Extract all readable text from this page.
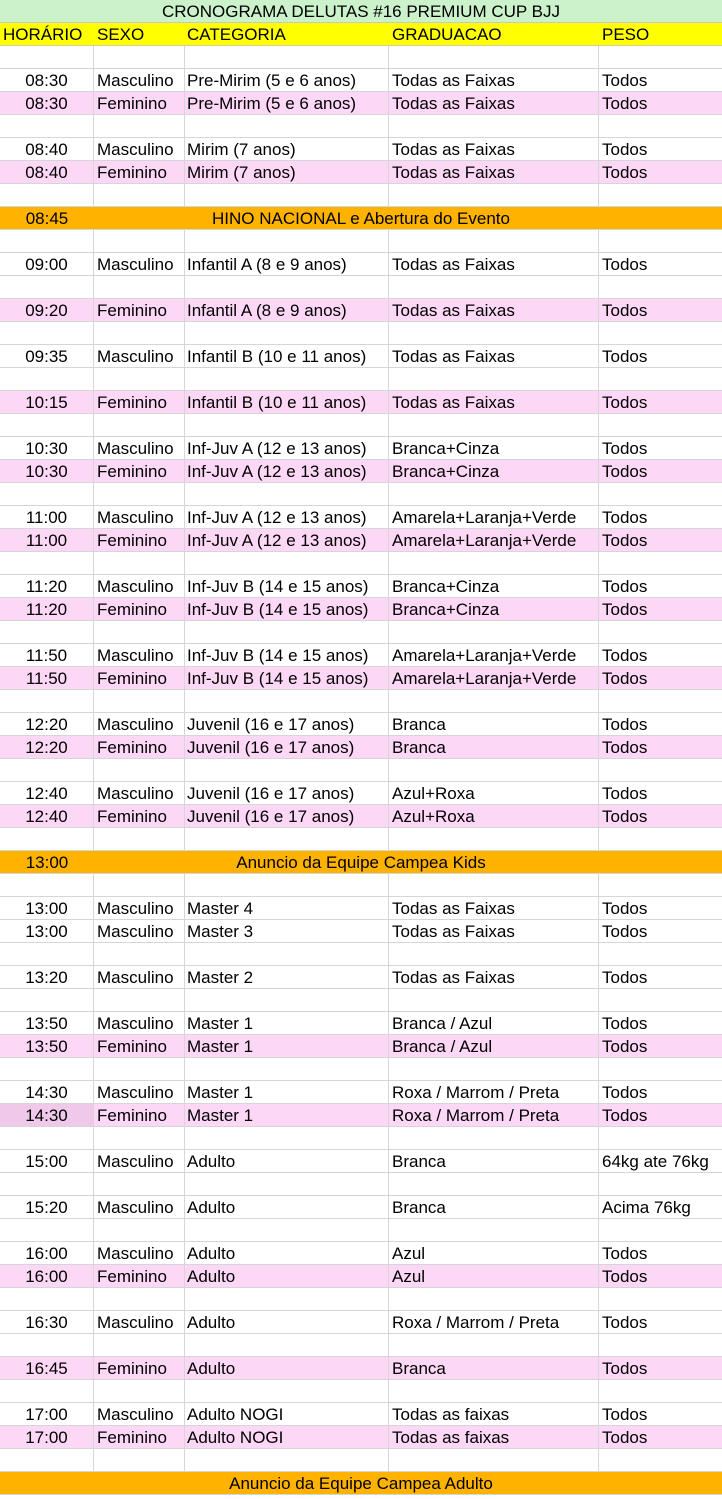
CRONOGRAMA DELUTAS #16 PREMIUM CUP BJJ
HORÁRIO SEXO	CATEGORIA	GRADUACAO	PESO
08:30	Masculino Pre-Mirim (5 e 6 anos)	Todas as Faixas	Todos
08:30	Feminino	Pre-Mirim (5 e 6 anos)	Todas as Faixas	Todos
08:40	Masculino Mirim (7 anos)	Todas as Faixas	Todos
08:40	Feminino	Mirim (7 anos)	Todas as Faixas	Todos
08:45	HINO NACIONAL e Abertura do Evento
09:00	Masculino Infantil A (8 e 9 anos)	Todas as Faixas	Todos
09:20	Feminino	Infantil A (8 e 9 anos)	Todas as Faixas	Todos
09:35	Masculino Infantil B (10 e 11 anos)	Todas as Faixas	Todos
10:15	Feminino	Infantil B (10 e 11 anos)	Todas as Faixas	Todos
10:30	Masculino Inf-Juv A (12 e 13 anos)	Branca+Cinza	Todos
10:30	Feminino	Inf-Juv A (12 e 13 anos)	Branca+Cinza	Todos
11:00	Masculino Inf-Juv A (12 e 13 anos)	Amarela+Laranja+Verde	Todos
11:00	Feminino	Inf-Juv A (12 e 13 anos)	Amarela+Laranja+Verde	Todos
11:20	Masculino Inf-Juv B (14 e 15 anos)	Branca+Cinza	Todos
11:20	Feminino	Inf-Juv B (14 e 15 anos)	Branca+Cinza	Todos
11:50	Masculino Inf-Juv B (14 e 15 anos)	Amarela+Laranja+Verde	Todos
11:50	Feminino	Inf-Juv B (14 e 15 anos)	Amarela+Laranja+Verde	Todos
12:20	Masculino Juvenil (16 e 17 anos)	Branca	Todos
12:20	Feminino	Juvenil (16 e 17 anos)	Branca	Todos
12:40	Masculino Juvenil (16 e 17 anos)	Azul+Roxa	Todos
12:40	Feminino	Juvenil (16 e 17 anos)	Azul+Roxa	Todos
13:00	Anuncio da Equipe Campea Kids
13:00	Masculino Master 4	Todas as Faixas	Todos
13:00	Masculino Master 3	Todas as Faixas	Todos
13:20	Masculino Master 2	Todas as Faixas	Todos
13:50	Masculino Master 1	Branca / Azul	Todos
13:50	Feminino	Master 1	Branca / Azul	Todos
14:30	Masculino Master 1	Roxa / Marrom / Preta	Todos
14:30	Feminino	Master 1	Roxa / Marrom / Preta	Todos
15:00	Masculino Adulto	Branca	64kg ate 76kg
15:20	Masculino Adulto	Branca	Acima 76kg
16:00	Masculino Adulto	Azul	Todos
16:00	Feminino	Adulto	Azul	Todos
16:30	Masculino Adulto	Roxa / Marrom / Preta	Todos
16:45	Feminino	Adulto	Branca	Todos
17:00	Masculino Adulto NOGI	Todas as faixas	Todos
17:00	Feminino	Adulto NOGI	Todas as faixas	Todos
Anuncio da Equipe Campea Adulto
